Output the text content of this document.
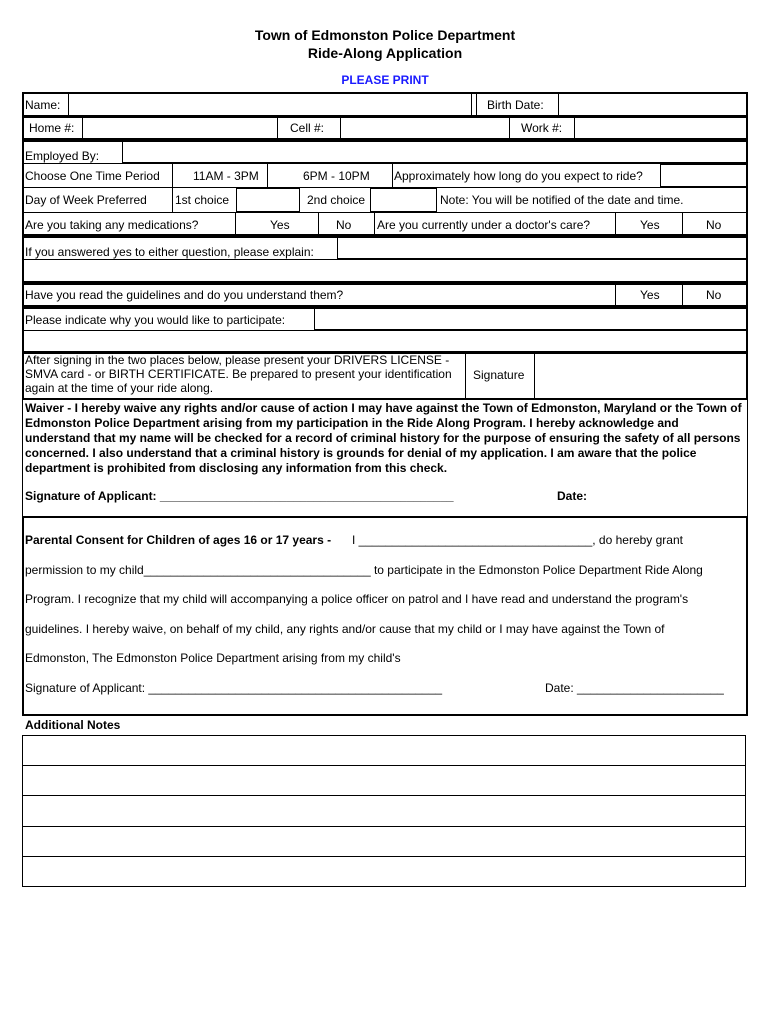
Town of Edmonston Police Department
Ride-Along Application
PLEASE PRINT
Name:	Birth Date:
Home #:	Cell #:	Work #:
Employed By:
Choose One Time Period	11AM - 3PM	6PM - 10PM Approximately how long do you expect to ride?
Day of Week Preferred 1st choice	2nd choice	Note: You will be notified of the date and time.
Are you taking any medications?	Yes	No Are you currently under a doctor's care?	Yes	No
If you answered yes to either question, please explain:
Have you read the guidelines and do you understand them?	Yes	No
Please indicate why you would like to participate:
After signing in the two places below, please present your DRIVERS LICENSE - SMVA card - or BIRTH CERTIFICATE. Be prepared to present your identification again at the time of your ride along.
Signature
Waiver - I hereby waive any rights and/or cause of action I may have against the Town of Edmonston, Maryland or the Town of Edmonston Police Department arising from my participation in the Ride Along Program. I hereby acknowledge and understand that my name will be checked for a record of criminal history for the purpose of ensuring the safety of all persons concerned. I also understand that a criminal history is grounds for denial of my application. I am aware that the police department is prohibited from disclosing any information from this check.
Signature of Applicant: ____________________________________________	Date:
Parental Consent for Children of ages 16 or 17 years - I ___________________________________, do hereby grant
permission to my child__________________________________ to participate in the Edmonston Police Department Ride Along
Program. I recognize that my child will accompanying a police officer on patrol and I have read and understand the program's
guidelines. I hereby waive, on behalf of my child, any rights and/or cause that my child or I may have against the Town of
Edmonston, The Edmonston Police Department arising from my child's
Signature of Applicant: ____________________________________________	Date: ______________________
Additional Notes
